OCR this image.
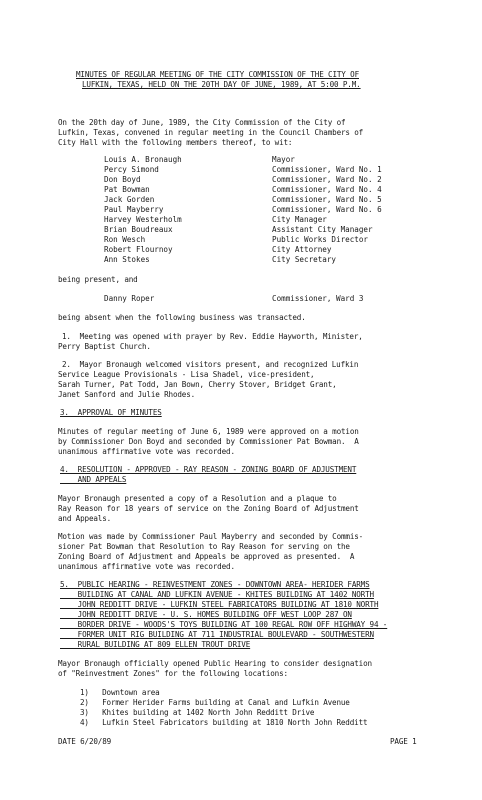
MINUTES OF REGULAR MEETING OF THE CITY COMMISSION OF THE CITY OF
LUFKIN, TEXAS, HELD ON THE 20TH DAY OF JUNE, 1989, AT 5:00 P.M.
On the 20th day of June, 1989, the City Commission of the City of
Lufkin, Texas, convened in regular meeting in the Council Chambers of
City Hall with the following members thereof, to wit:
Louis A. Bronaugh	Mayor
Percy Simond	Commissioner, Ward No. 1
Don Boyd	Commissioner, Ward No. 2
Pat Bowman	Commissioner, Ward No. 4
Jack Gorden	Commissioner, Ward No. 5
Paul Mayberry	Commissioner, Ward No. 6
Harvey Westerholm	City Manager
Brian Boudreaux	Assistant City Manager
Ron Wesch	Public Works Director
Robert Flournoy	City Attorney
Ann Stokes	City Secretary
being present, and
Danny Roper	Commissioner, Ward 3
being absent when the following business was transacted.
1.  Meeting was opened with prayer by Rev. Eddie Hayworth, Minister,
Perry Baptist Church.
2.  Mayor Bronaugh welcomed visitors present, and recognized Lufkin
Service League Provisionals - Lisa Shadel, vice-president,
Sarah Turner, Pat Todd, Jan Bown, Cherry Stover, Bridget Grant,
Janet Sanford and Julie Rhodes.
3.  APPROVAL OF MINUTES
Minutes of regular meeting of June 6, 1989 were approved on a motion
by Commissioner Don Boyd and seconded by Commissioner Pat Bowman.  A
unanimous affirmative vote was recorded.
4.  RESOLUTION - APPROVED - RAY REASON - ZONING BOARD OF ADJUSTMENT
AND APPEALS
Mayor Bronaugh presented a copy of a Resolution and a plaque to
Ray Reason for 18 years of service on the Zoning Board of Adjustment
and Appeals.
Motion was made by Commissioner Paul Mayberry and seconded by Commis-
sioner Pat Bowman that Resolution to Ray Reason for serving on the
Zoning Board of Adjustment and Appeals be approved as presented.  A
unanimous affirmative vote was recorded.
5.  PUBLIC HEARING - REINVESTMENT ZONES - DOWNTOWN AREA- HERIDER FARMS
BUILDING AT CANAL AND LUFKIN AVENUE - KHITES BUILDING AT 1402 NORTH
JOHN REDDITT DRIVE - LUFKIN STEEL FABRICATORS BUILDING AT 1810 NORTH
JOHN REDDITT DRIVE - U. S. HOMES BUILDING OFF WEST LOOP 287 ON
BORDER DRIVE - WOODS'S TOYS BUILDING AT 100 REGAL ROW OFF HIGHWAY 94 -
FORMER UNIT RIG BUILDING AT 711 INDUSTRIAL BOULEVARD - SOUTHWESTERN
RURAL BUILDING AT 809 ELLEN TROUT DRIVE
Mayor Bronaugh officially opened Public Hearing to consider designation
of "Reinvestment Zones" for the following locations:
1)   Downtown area
2)   Former Herider Farms building at Canal and Lufkin Avenue
3)   Khites building at 1402 North John Redditt Drive
4)   Lufkin Steel Fabricators building at 1810 North John Redditt
DATE 6/20/89	PAGE 1
